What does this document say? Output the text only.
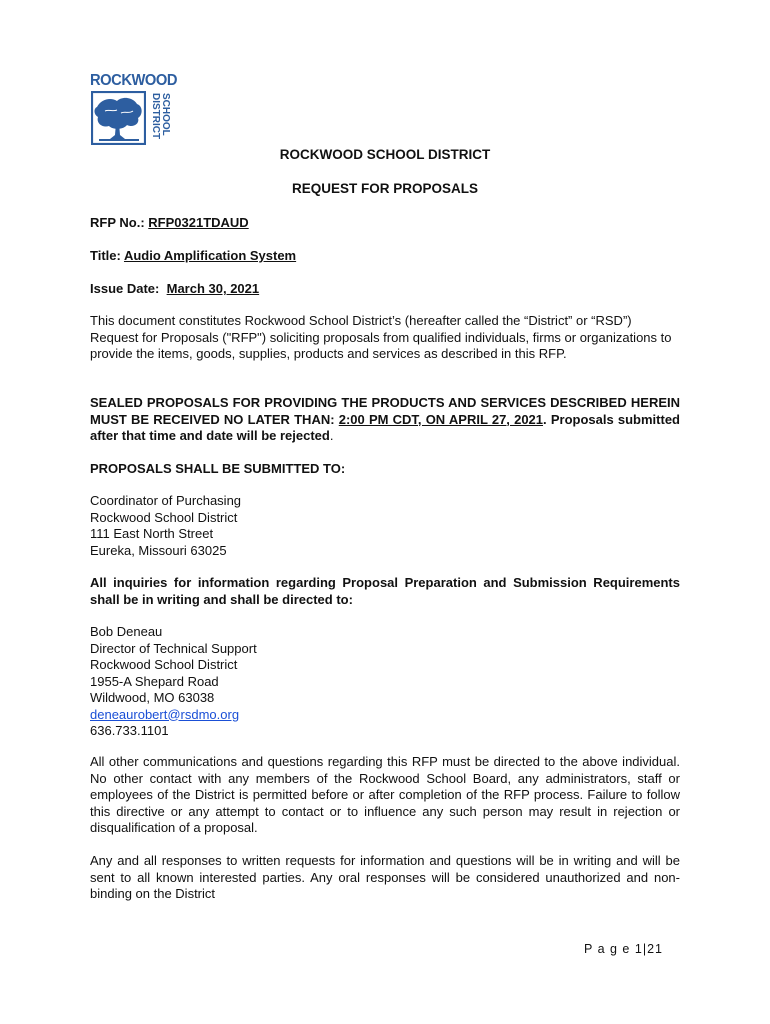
ROCKWOOD
SCHOOL
DISTRICT
ROCKWOOD SCHOOL DISTRICT
REQUEST FOR PROPOSALS
RFP No.: RFP0321TDAUD
Title: Audio Amplification System
Issue Date: March 30, 2021

This document constitutes Rockwood School District’s (hereafter called the “District” or “RSD”) Request for Proposals ("RFP") soliciting proposals from qualified individuals, firms or organizations to provide the items, goods, supplies, products and services as described in this RFP.

SEALED PROPOSALS FOR PROVIDING THE PRODUCTS AND SERVICES DESCRIBED HEREIN MUST BE RECEIVED NO LATER THAN: 2:00 PM CDT, ON APRIL 27, 2021. Proposals submitted after that time and date will be rejected.

PROPOSALS SHALL BE SUBMITTED TO:
Coordinator of Purchasing
Rockwood School District
111 East North Street
Eureka, Missouri 63025

All inquiries for information regarding Proposal Preparation and Submission Requirements shall be in writing and shall be directed to:

Bob Deneau
Director of Technical Support
Rockwood School District
1955-A Shepard Road
Wildwood, MO 63038
deneaurobert@rsdmo.org
636.733.1101

All other communications and questions regarding this RFP must be directed to the above individual. No other contact with any members of the Rockwood School Board, any administrators, staff or employees of the District is permitted before or after completion of the RFP process. Failure to follow this directive or any attempt to contact or to influence any such person may result in rejection or disqualification of a proposal.

Any and all responses to written requests for information and questions will be in writing and will be sent to all known interested parties. Any oral responses will be considered unauthorized and non-binding on the District

P a g e 1|21
